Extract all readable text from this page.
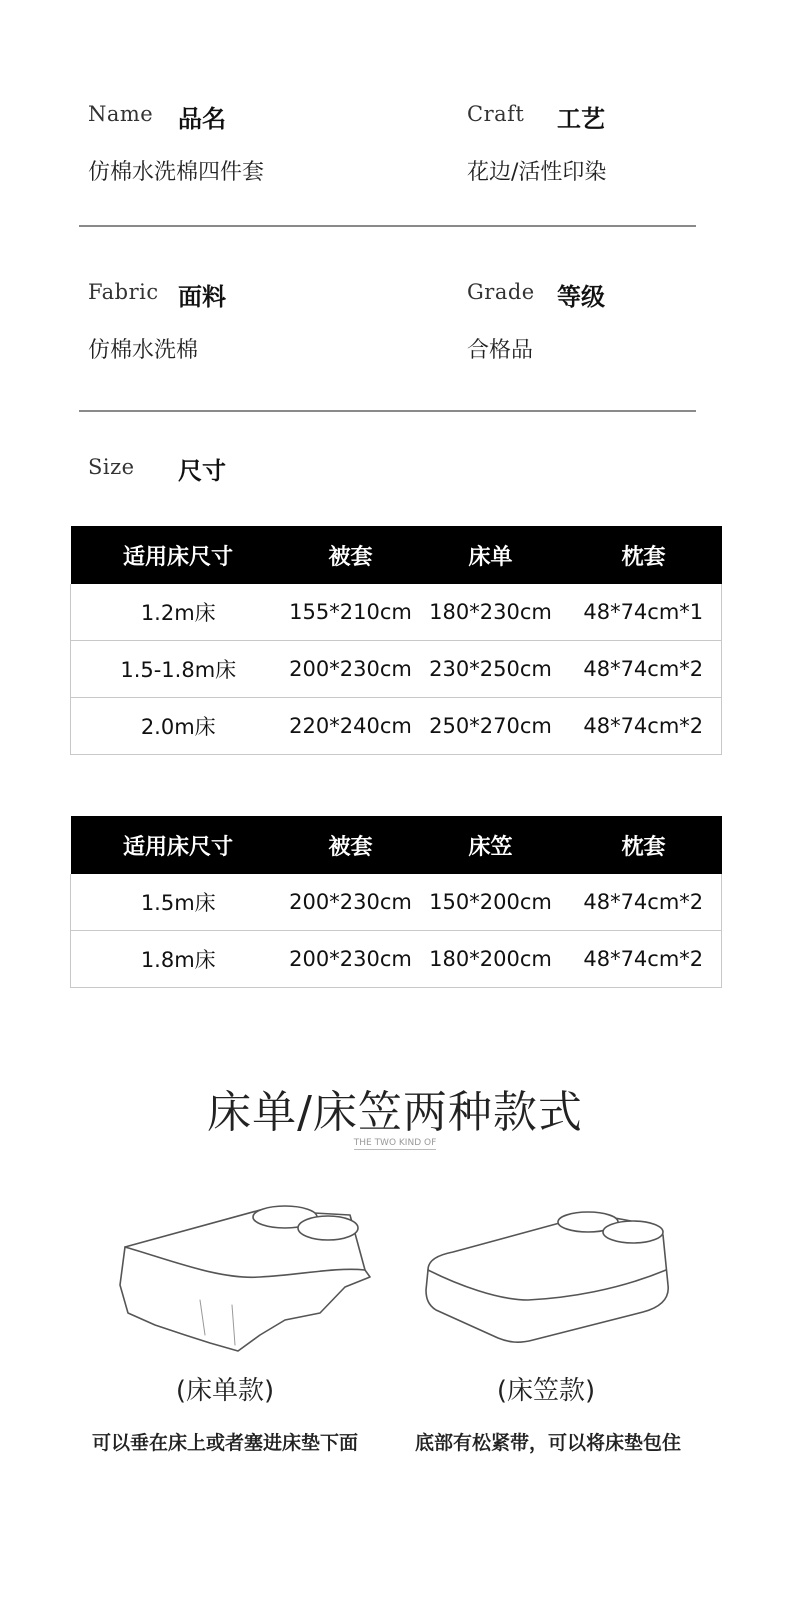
Name 品名
仿棉水洗棉四件套
Craft 工艺
花边/活性印染
Fabric 面料
仿棉水洗棉
Grade 等级
合格品
Size 尺寸
适用床尺寸	被套	床单	枕套
1.2m床	155*210cm	180*230cm	48*74cm*1
1.5-1.8m床	200*230cm	230*250cm	48*74cm*2
2.0m床	220*240cm	250*270cm	48*74cm*2
适用床尺寸	被套	床笠	枕套
1.5m床	200*230cm	150*200cm	48*74cm*2
1.8m床	200*230cm	180*200cm	48*74cm*2
床单/床笠两种款式
THE TWO KIND OF
(床单款)	(床笠款)
可以垂在床上或者塞进床垫下面	底部有松紧带，可以将床垫包住
